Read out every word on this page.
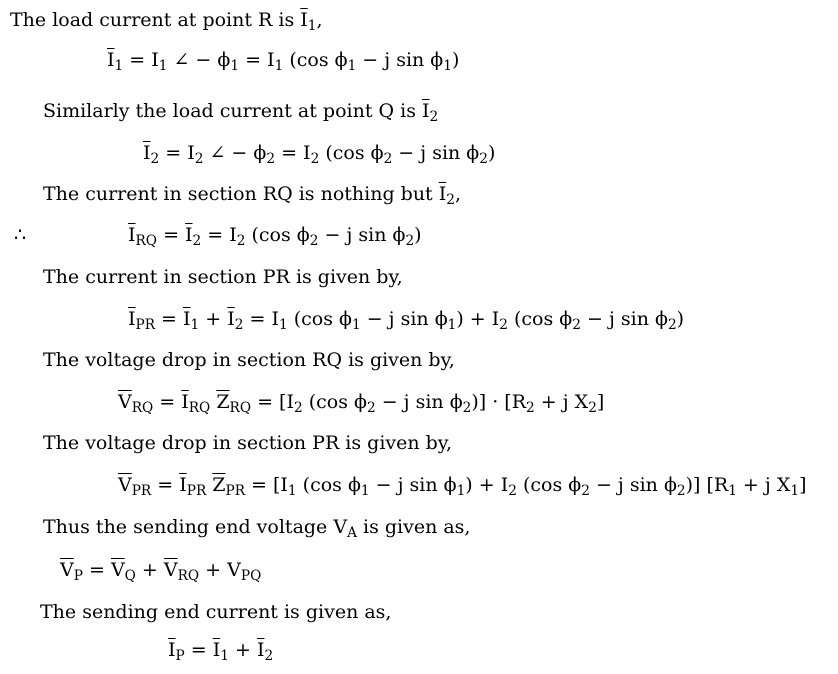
The load current at point R is $\overline{I}_1$,
$\overline{I}_1 = I_1$ ∠ − $\phi_1 = I_1$ (cos $\phi_1 - j$ $\sin \phi_1$)
Similarly the load current at point Q is $\overline{I}_2$
$\overline{I}_2 = I_2$ ∠ − $\phi_2 = I_2$ (cos $\phi_2 - j$ $\sin \phi_2$)
The current in section RQ is nothing but $\overline{I}_2$,
∴	$\overline{I}_{RQ} = \overline{I}_2 = I_2$ (cos $\phi_2 - j$ $\sin \phi_2$)
The current in section PR is given by,
$\overline{I}_{PR} = \overline{I}_1 + \overline{I}_2 = I_1$ (cos $\phi_1 - j$ $\sin \phi_1) + I_2$ (cos $\phi_2 - j$ $\sin \phi_2$)
The voltage drop in section RQ is given by,
$\overline{V}_{RQ} = \overline{I}_{RQ}$ $\overline{Z}_{RQ} = [I_2$ (cos $\phi_2 - j$ $\sin \phi_2)] \cdot [R_2 + j$ $X_2$]
The voltage drop in section PR is given by,
$\overline{V}_{PR} = \overline{I}_{PR}$ $\overline{Z}_{PR} = [I_1$ (cos $\phi_1 - j$ $\sin \phi_1) + I_2$ (cos $\phi_2 - j$ $\sin \phi_2$)] [$R_1 + j$ $X_1$]
Thus the sending end voltage $V_A$ is given as,
$\overline{V}_P = \overline{V}_Q + \overline{V}_{RQ} + V_{PQ}$
The sending end current is given as,
$\overline{I}_P = \overline{I}_1 + \overline{I}_2$
